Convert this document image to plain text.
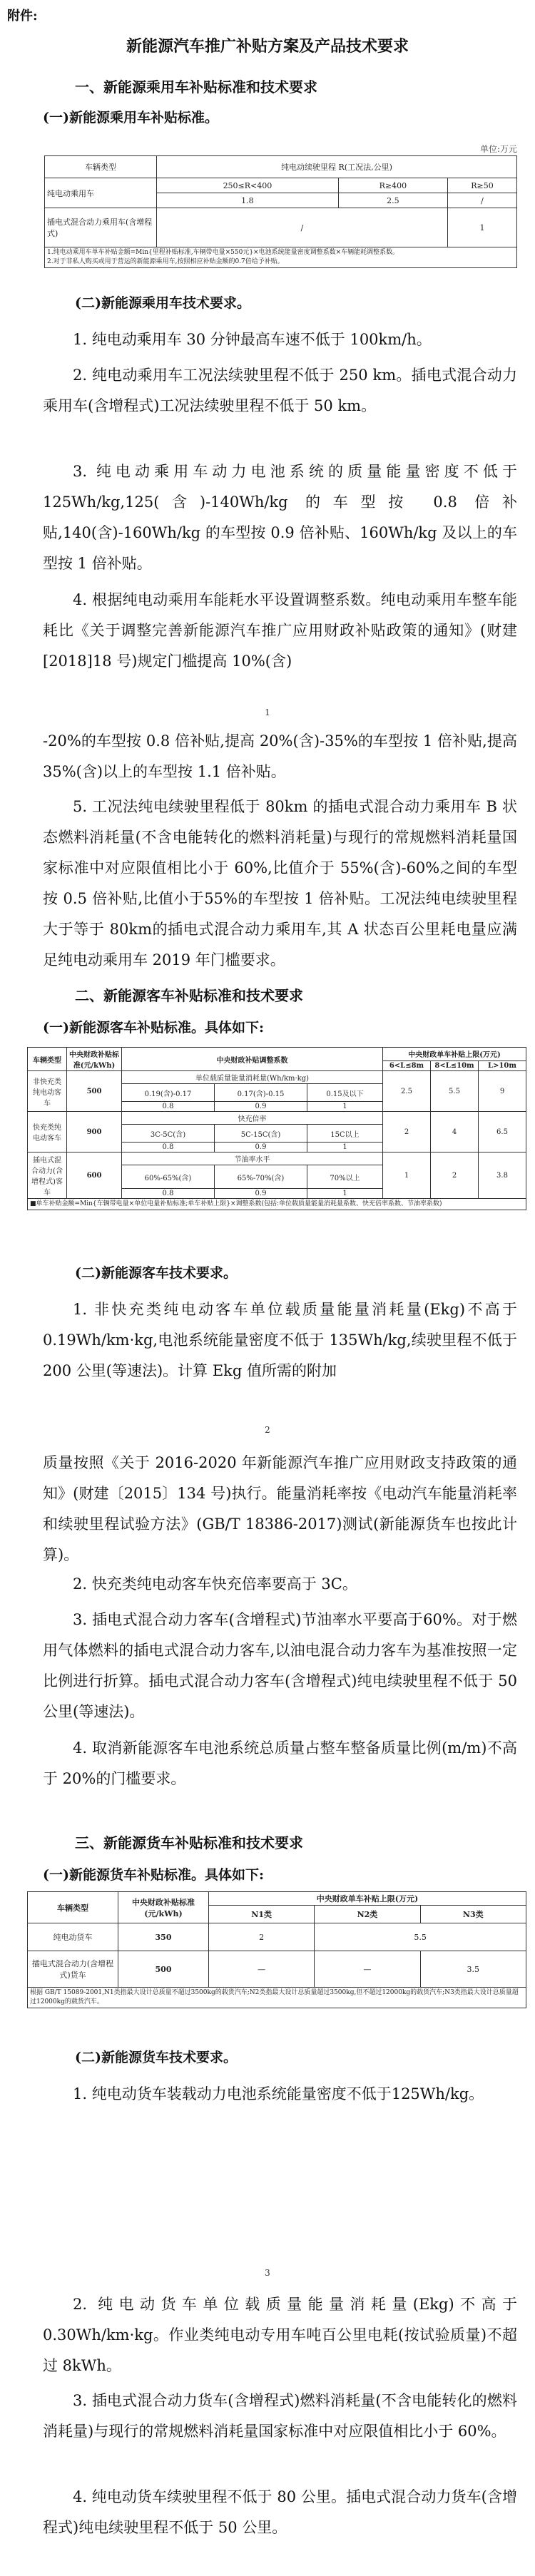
附件:
新能源汽车推广补贴方案及产品技术要求
一、新能源乘用车补贴标准和技术要求
(一)新能源乘用车补贴标准。
单位:万元
车辆类型	纯电动续驶里程 R(工况法,公里)		
纯电动乘用车	250≤R<400	R≥400	R≥50
	1.8	2.5	/
插电式混合动力乘用车(含增程式)	/		1

1.纯电动乘用车单车补贴金额=Min{里程补贴标准,车辆带电量×550元}×电池系统能量密度调整系数×车辆能耗调整系数。
2.对于非私人购买或用于营运的新能源乘用车,按照相应补贴金额的0.7倍给予补贴。			
(二)新能源乘用车技术要求。
1. 纯电动乘用车 30 分钟最高车速不低于 100km/h。
2. 纯电动乘用车工况法续驶里程不低于 250 km。插电式混合动力乘用车(含增程式)工况法续驶里程不低于 50 km。
3. 纯电动乘用车动力电池系统的质量能量密度不低于125Wh/kg,125(含)-140Wh/kg 的车型按 0.8 倍补贴,140(含)-160Wh/kg 的车型按 0.9 倍补贴、160Wh/kg 及以上的车型按 1 倍补贴。
4. 根据纯电动乘用车能耗水平设置调整系数。纯电动乘用车整车能耗比《关于调整完善新能源汽车推广应用财政补贴政策的通知》(财建[2018]18 号)规定门槛提高 10%(含)
1
-20%的车型按 0.8 倍补贴,提高 20%(含)-35%的车型按 1 倍补贴,提高 35%(含)以上的车型按 1.1 倍补贴。
5. 工况法纯电续驶里程低于 80km 的插电式混合动力乘用车 B 状态燃料消耗量(不含电能转化的燃料消耗量)与现行的常规燃料消耗量国家标准中对应限值相比小于 60%,比值介于 55%(含)-60%之间的车型按 0.5 倍补贴,比值小于55%的车型按 1 倍补贴。工况法纯电续驶里程大于等于 80km的插电式混合动力乘用车,其 A 状态百公里耗电量应满足纯电动乘用车 2019 年门槛要求。
二、新能源客车补贴标准和技术要求
(一)新能源客车补贴标准。具体如下:
车辆类型	中央财政补贴标准(元/kWh)	中央财政补贴调整系数			中央财政单车补贴上限(万元)		
					6<L≤8m	8<L≤10m	L>10m
非快充类纯电动客车	500	单位载质量能量消耗量(Wh/km·kg)			2.5	5.5	9
		0.19(含)-0.17	0.17(含)-0.15	0.15及以下			
		0.8	0.9	1			
快充类纯电动客车	900	快充倍率			2	4	6.5
		3C-5C(含)	5C-15C(含)	15C以上			
		0.8	0.9	1			
插电式混合动力(含增程式)客车	600	节油率水平			1	2	3.8
		60%-65%(含)	65%-70%(含)	70%以上			
		0.8	0.9	1			
■单车补贴金额=Min{车辆带电量×单位电量补贴标准;单车补贴上限}×调整系数(包括:单位载质量能量消耗量系数、快充倍率系数、节油率系数)							
(二)新能源客车技术要求。
1. 非快充类纯电动客车单位载质量能量消耗量(Ekg)不高于 0.19Wh/km·kg,电池系统能量密度不低于 135Wh/kg,续驶里程不低于 200 公里(等速法)。计算 Ekg 值所需的附加
2
质量按照《关于 2016-2020 年新能源汽车推广应用财政支持政策的通知》(财建〔2015〕134 号)执行。能量消耗率按《电动汽车能量消耗率和续驶里程试验方法》(GB/T 18386-2017)测试(新能源货车也按此计算)。
2. 快充类纯电动客车快充倍率要高于 3C。
3. 插电式混合动力客车(含增程式)节油率水平要高于60%。对于燃用气体燃料的插电式混合动力客车,以油电混合动力客车为基准按照一定比例进行折算。插电式混合动力客车(含增程式)纯电续驶里程不低于 50 公里(等速法)。
4. 取消新能源客车电池系统总质量占整车整备质量比例(m/m)不高于 20%的门槛要求。
三、新能源货车补贴标准和技术要求
(一)新能源货车补贴标准。具体如下:
车辆类型	中央财政补贴标准(元/kWh)	中央财政单车补贴上限(万元)		
		N1类	N2类	N3类
纯电动货车	350	2	5.5	
插电式混合动力(含增程式)货车	500	—	—	3.5
根据 GB/T 15089-2001,N1类指最大设计总质量不超过3500kg的载货汽车;N2类指最大设计总质量超过3500kg,但不超过12000kg的载货汽车;N3类指最大设计总质量超过12000kg的载货汽车。				
(二)新能源货车技术要求。
1. 纯电动货车装载动力电池系统能量密度不低于125Wh/kg。
3
2. 纯电动货车单位载质量能量消耗量(Ekg)不高于0.30Wh/km·kg。作业类纯电动专用车吨百公里电耗(按试验质量)不超过 8kWh。
3. 插电式混合动力货车(含增程式)燃料消耗量(不含电能转化的燃料消耗量)与现行的常规燃料消耗量国家标准中对应限值相比小于 60%。
4. 纯电动货车续驶里程不低于 80 公里。插电式混合动力货车(含增程式)纯电续驶里程不低于 50 公里。
